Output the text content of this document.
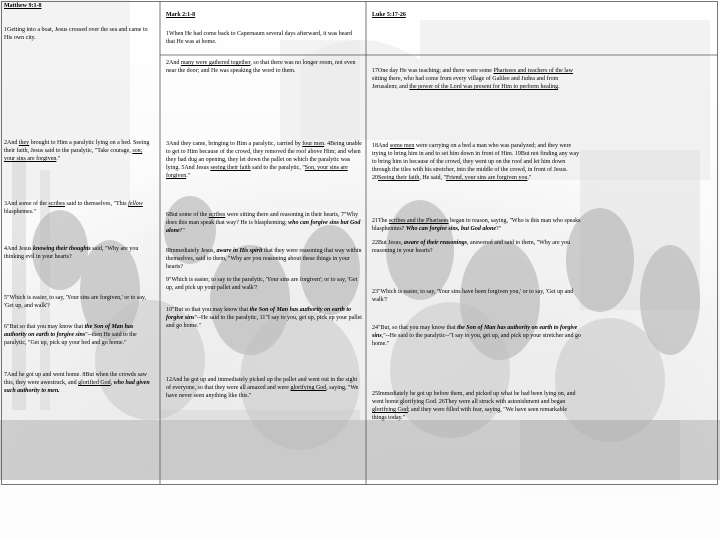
Matthew 9:1-8
1Getting into a boat, Jesus crossed over the sea and came to His own city.
2And they brought to Him a paralytic lying on a bed. Seeing their faith, Jesus said to the paralytic, "Take courage, son; your sins are forgiven."
3And some of the scribes said to themselves, "This fellow blasphemes."
4And Jesus knowing their thoughts said, "Why are you thinking evil in your hearts?
5"Which is easier, to say, 'Your sins are forgiven,' or to say, 'Get up, and walk'?
6"But so that you may know that the Son of Man has authority on earth to forgive sins"--then He said to the paralytic, "Get up, pick up your bed and go home."
7And he got up and went home. 8But when the crowds saw this, they were awestruck, and glorified God, who had given such authority to men.
Mark 2:1-8
1When He had come back to Capernaum several days afterward, it was heard that He was at home.
2And many were gathered together, so that there was no longer room, not even near the door; and He was speaking the word to them.
3And they came, bringing to Him a paralytic, carried by four men. 4Being unable to get to Him because of the crowd, they removed the roof above Him; and when they had dug an opening, they let down the pallet on which the paralytic was lying. 5And Jesus seeing their faith said to the paralytic, "Son, your sins are forgiven."
6But some of the scribes were sitting there and reasoning in their hearts, 7"Why does this man speak that way? He is blaspheming; who can forgive sins but God alone?"
8Immediately Jesus, aware in His spirit that they were reasoning that way within themselves, said to them, "Why are you reasoning about these things in your hearts?
9"Which is easier, to say to the paralytic, 'Your sins are forgiven'; or to say, 'Get up, and pick up your pallet and walk'?
10"But so that you may know that the Son of Man has authority on earth to forgive sins"--He said to the paralytic, 11"I say to you, get up, pick up your pallet and go home."
12And he got up and immediately picked up the pallet and went out in the sight of everyone, so that they were all amazed and were glorifying God, saying, "We have never seen anything like this."
Luke 5:17-26
17One day He was teaching; and there were some Pharisees and teachers of the law sitting there, who had come from every village of Galilee and Judea and from Jerusalem; and the power of the Lord was present for Him to perform healing.
18And some men were carrying on a bed a man who was paralyzed; and they were trying to bring him in and to set him down in front of Him. 19But not finding any way to bring him in because of the crowd, they went up on the roof and let him down through the tiles with his stretcher, into the middle of the crowd, in front of Jesus. 20Seeing their faith, He said, "Friend, your sins are forgiven you."
21The scribes and the Pharisees began to reason, saying, "Who is this man who speaks blasphemies? Who can forgive sins, but God alone?"
22But Jesus, aware of their reasonings, answered and said to them, "Why are you reasoning in your hearts?
23"Which is easier, to say, 'Your sins have been forgiven you,' or to say, 'Get up and walk'?
24"But, so that you may know that the Son of Man has authority on earth to forgive sins,"--He said to the paralytic--"I say to you, get up, and pick up your stretcher and go home."
25Immediately he got up before them, and picked up what he had been lying on, and went home glorifying God. 26They were all struck with astonishment and began glorifying God; and they were filled with fear, saying, "We have seen remarkable things today."
